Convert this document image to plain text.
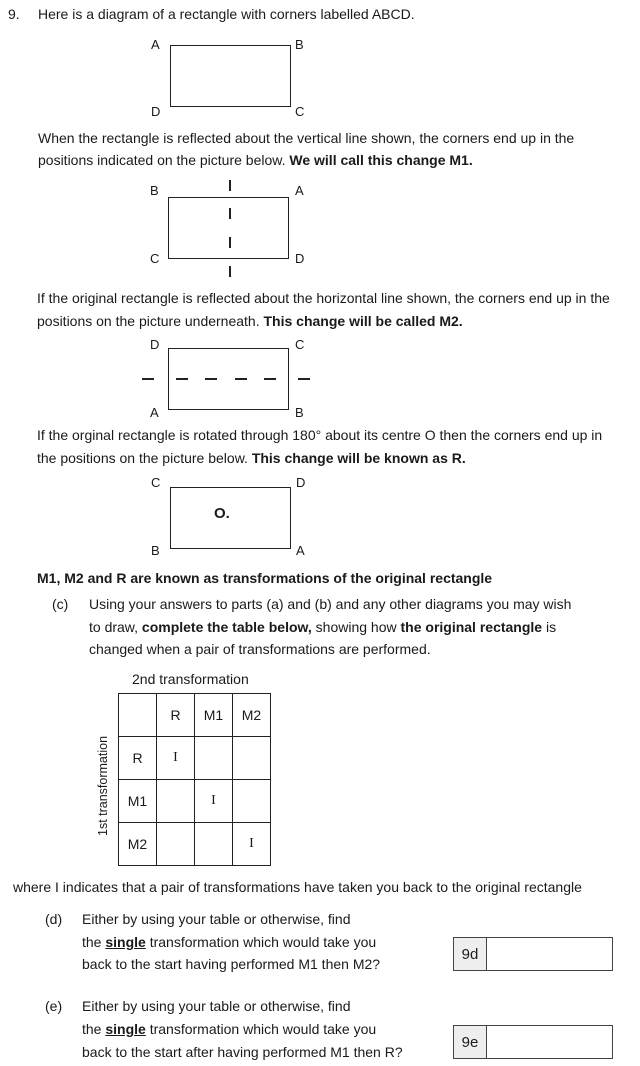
9. Here is a diagram of a rectangle with corners labelled ABCD.
A	B
D	C
When the rectangle is reflected about the vertical line shown, the corners end up in the
positions indicated on the picture below. We will call this change M1.
B	A
C	D
If the original rectangle is reflected about the horizontal line shown, the corners end up in the
positions on the picture underneath. This change will be called M2.
D	C
A	B
If the orginal rectangle is rotated through 180° about its centre O then the corners end up in
the positions on the picture below. This change will be known as R.
C	D
O.
B	A
M1, M2 and R are known as transformations of the original rectangle
(c) Using your answers to parts (a) and (b) and any other diagrams you may wish
to draw, complete the table below, showing how the original rectangle is
changed when a pair of transformations are performed.
2nd transformation
1st transformation
	R	M1	M2
R	I		
M1		I	
M2			I
where I indicates that a pair of transformations have taken you back to the original rectangle
(d) Either by using your table or otherwise, find
the single transformation which would take you
back to the start having performed M1 then M2?
9d
(e) Either by using your table or otherwise, find
the single transformation which would take you
back to the start after having performed M1 then R?
9e
